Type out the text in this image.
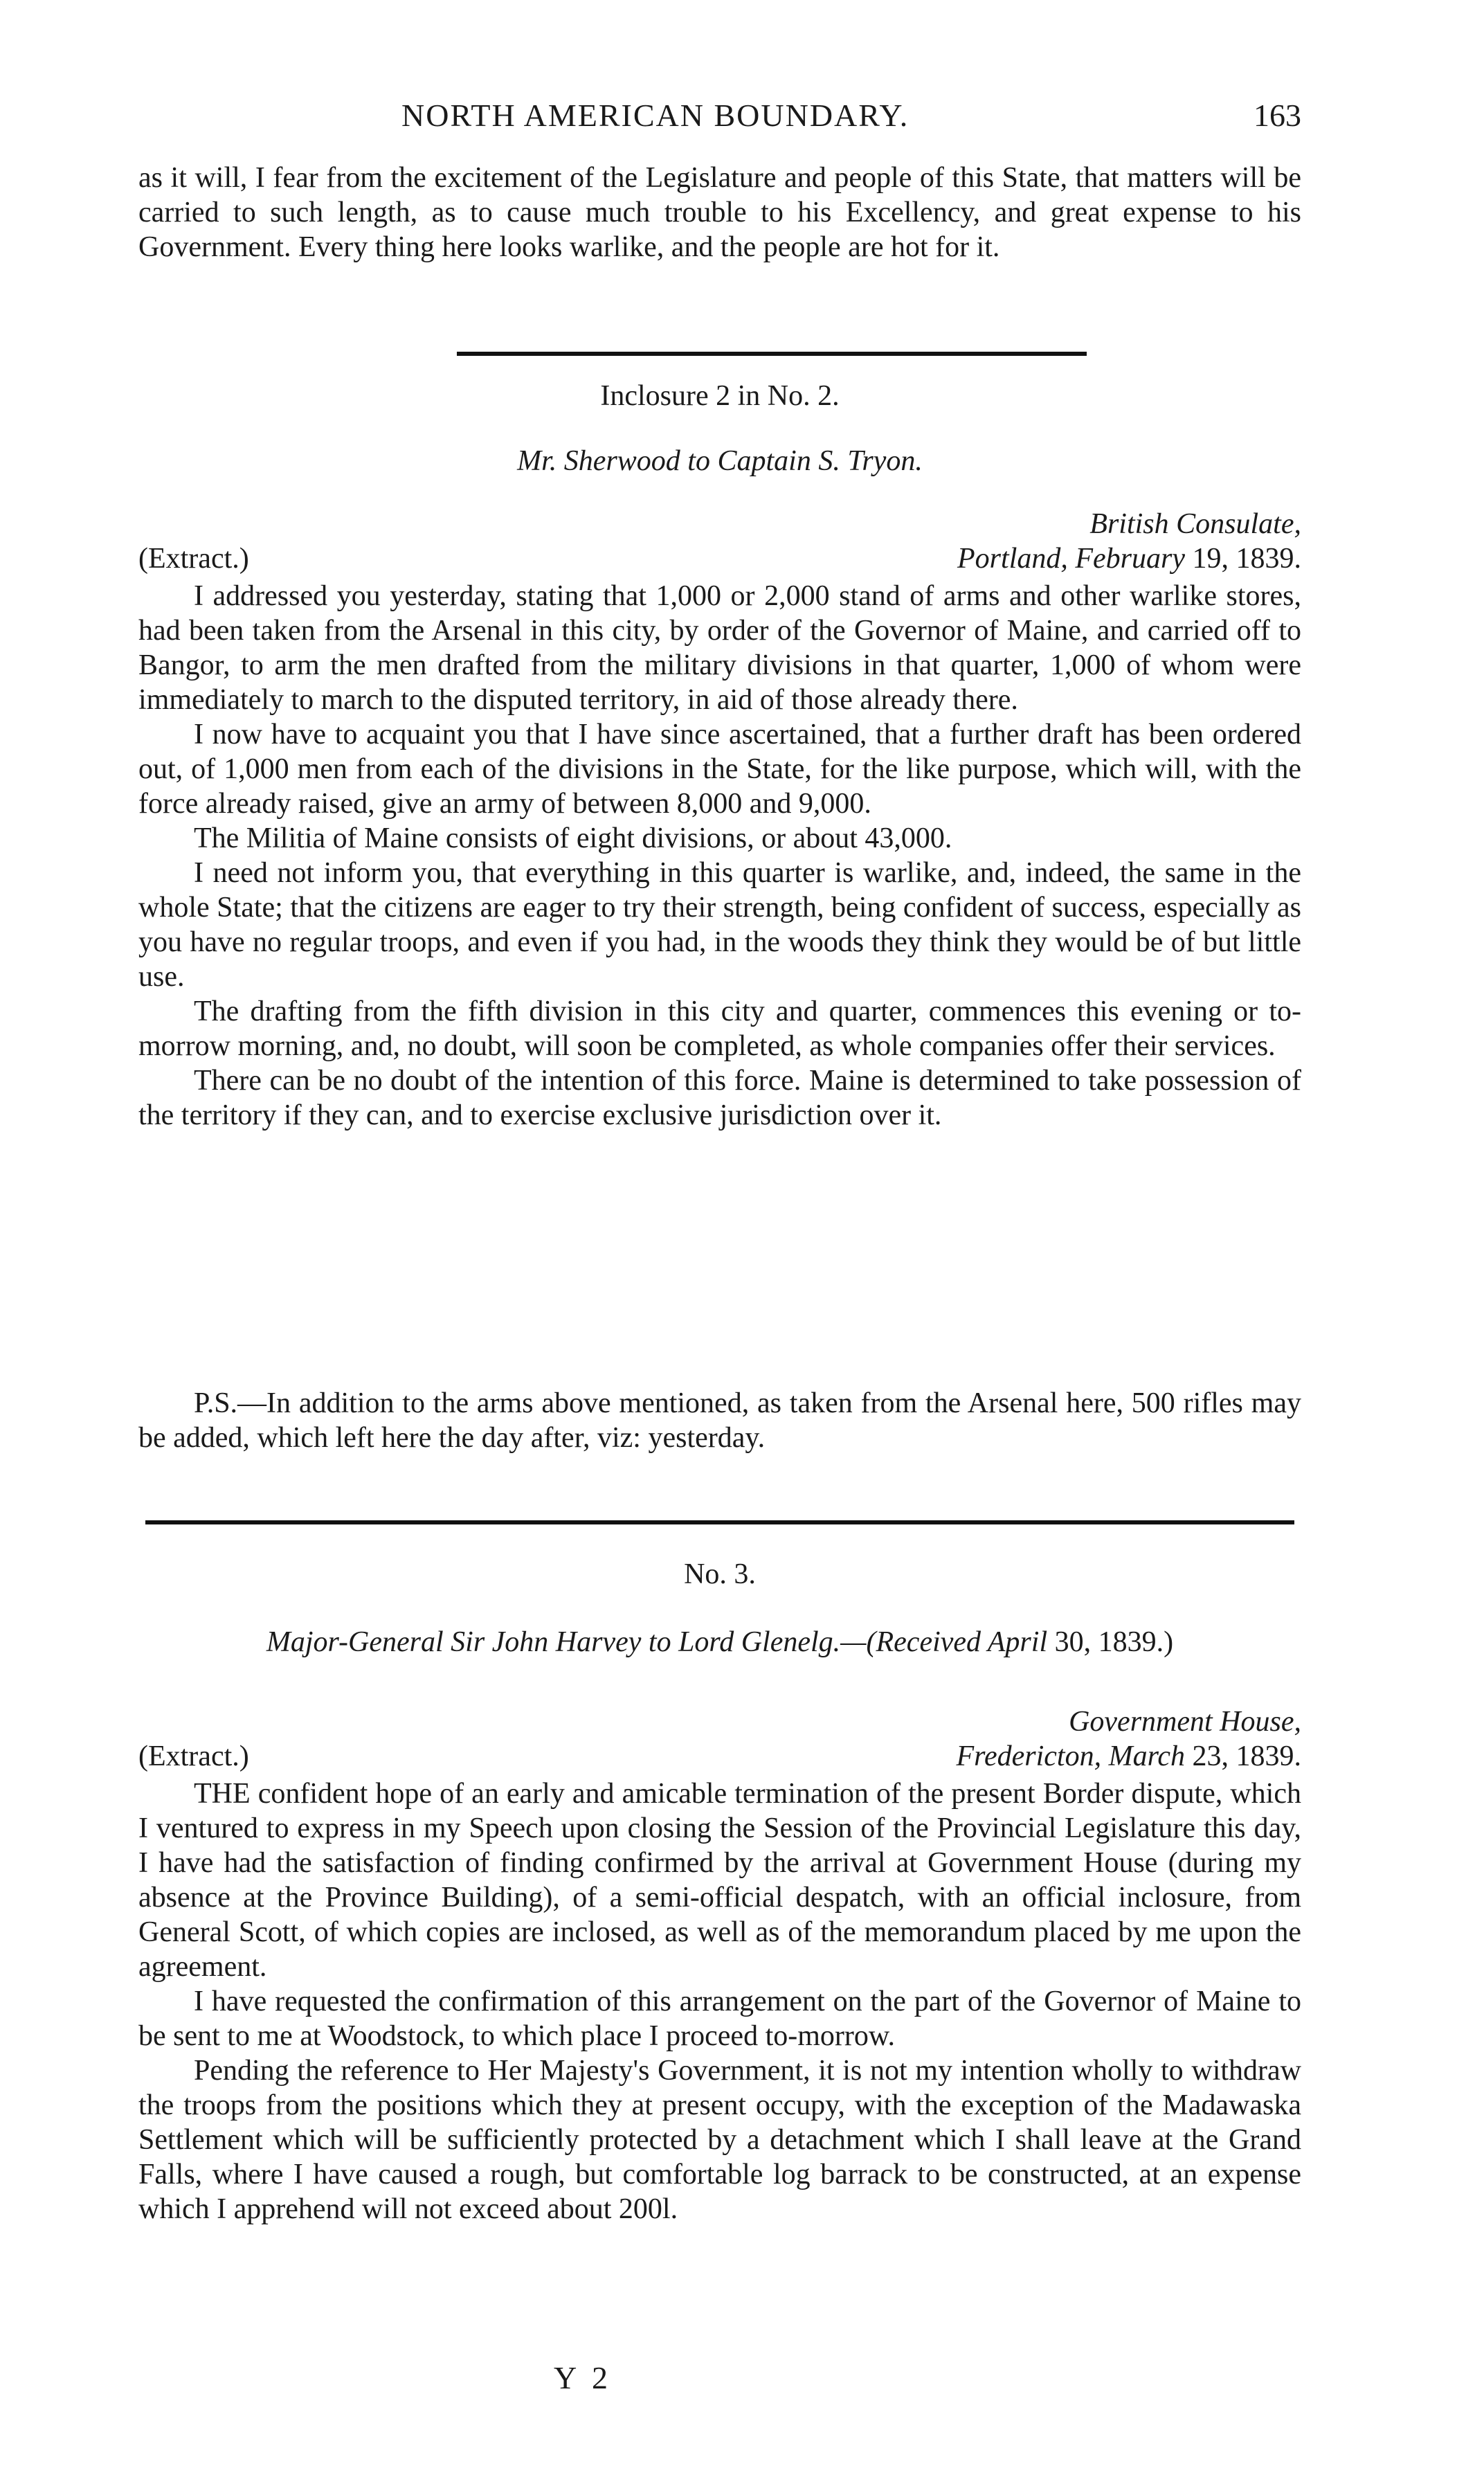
NORTH AMERICAN BOUNDARY.	163

as it will, I fear from the excitement of the Legislature and people of this State, that matters will be carried to such length, as to cause much trouble to his Excellency, and great expense to his Government. Every thing here looks warlike, and the people are hot for it.

Inclosure 2 in No. 2.
Mr. Sherwood to Captain S. Tryon.
British Consulate,
(Extract.)	Portland, February 19, 1839.

I addressed you yesterday, stating that 1,000 or 2,000 stand of arms and other warlike stores, had been taken from the Arsenal in this city, by order of the Governor of Maine, and carried off to Bangor, to arm the men drafted from the military divisions in that quarter, 1,000 of whom were immediately to march to the disputed territory, in aid of those already there.

I now have to acquaint you that I have since ascertained, that a further draft has been ordered out, of 1,000 men from each of the divisions in the State, for the like purpose, which will, with the force already raised, give an army of between 8,000 and 9,000.

The Militia of Maine consists of eight divisions, or about 43,000.

I need not inform you, that everything in this quarter is warlike, and, indeed, the same in the whole State; that the citizens are eager to try their strength, being confident of success, especially as you have no regular troops, and even if you had, in the woods they think they would be of but little use.

The drafting from the fifth division in this city and quarter, commences this evening or to-morrow morning, and, no doubt, will soon be completed, as whole companies offer their services.

There can be no doubt of the intention of this force. Maine is determined to take possession of the territory if they can, and to exercise exclusive jurisdiction over it.

P.S.—In addition to the arms above mentioned, as taken from the Arsenal here, 500 rifles may be added, which left here the day after, viz: yesterday.

No. 3.
Major-General Sir John Harvey to Lord Glenelg.—(Received April 30, 1839.)
Government House,
(Extract.)	Fredericton, March 23, 1839.

THE confident hope of an early and amicable termination of the present Border dispute, which I ventured to express in my Speech upon closing the Session of the Provincial Legislature this day, I have had the satisfaction of finding confirmed by the arrival at Government House (during my absence at the Province Building), of a semi-official despatch, with an official inclosure, from General Scott, of which copies are inclosed, as well as of the memorandum placed by me upon the agreement.

I have requested the confirmation of this arrangement on the part of the Governor of Maine to be sent to me at Woodstock, to which place I proceed to-morrow.

Pending the reference to Her Majesty's Government, it is not my intention wholly to withdraw the troops from the positions which they at present occupy, with the exception of the Madawaska Settlement which will be sufficiently protected by a detachment which I shall leave at the Grand Falls, where I have caused a rough, but comfortable log barrack to be constructed, at an expense which I apprehend will not exceed about 200l.

Y 2
